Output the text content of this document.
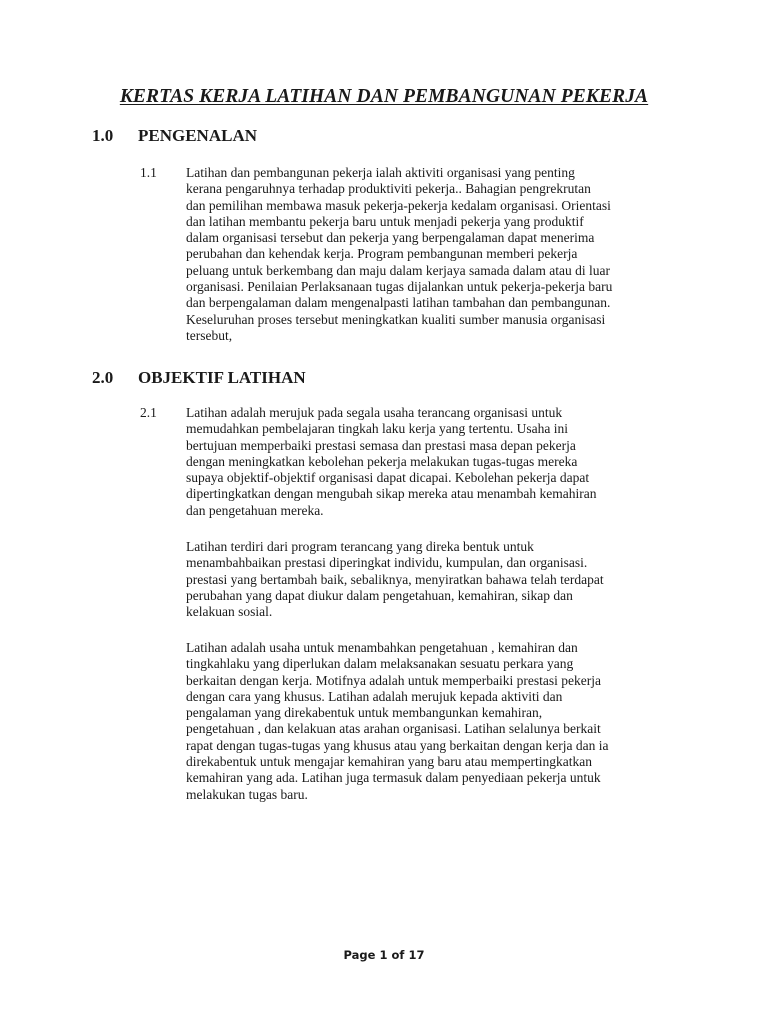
KERTAS KERJA LATIHAN DAN PEMBANGUNAN PEKERJA
1.0 PENGENALAN
1.1 Latihan dan pembangunan pekerja ialah aktiviti organisasi yang penting
kerana pengaruhnya terhadap produktiviti pekerja.. Bahagian pengrekrutan
dan pemilihan membawa masuk pekerja-pekerja kedalam organisasi. Orientasi
dan latihan membantu pekerja baru untuk menjadi pekerja yang produktif
dalam organisasi tersebut dan pekerja yang berpengalaman dapat menerima
perubahan dan kehendak kerja. Program pembangunan memberi pekerja
peluang untuk berkembang dan maju dalam kerjaya samada dalam atau di luar
organisasi. Penilaian Perlaksanaan tugas dijalankan untuk pekerja-pekerja baru
dan berpengalaman dalam mengenalpasti latihan tambahan dan pembangunan.
Keseluruhan proses tersebut meningkatkan kualiti sumber manusia organisasi
tersebut,

2.0 OBJEKTIF LATIHAN
2.1 Latihan adalah merujuk pada segala usaha terancang organisasi untuk
memudahkan pembelajaran tingkah laku kerja yang tertentu. Usaha ini
bertujuan memperbaiki prestasi semasa dan prestasi masa depan pekerja
dengan meningkatkan kebolehan pekerja melakukan tugas-tugas mereka
supaya objektif-objektif organisasi dapat dicapai. Kebolehan pekerja dapat
dipertingkatkan dengan mengubah sikap mereka atau menambah kemahiran
dan pengetahuan mereka.

Latihan terdiri dari program terancang yang direka bentuk untuk
menambahbaikan prestasi diperingkat individu, kumpulan, dan organisasi.
prestasi yang bertambah baik, sebaliknya, menyiratkan bahawa telah terdapat
perubahan yang dapat diukur dalam pengetahuan, kemahiran, sikap dan
kelakuan sosial.

Latihan adalah usaha untuk menambahkan pengetahuan , kemahiran dan
tingkahlaku yang diperlukan dalam melaksanakan sesuatu perkara yang
berkaitan dengan kerja. Motifnya adalah untuk memperbaiki prestasi pekerja
dengan cara yang khusus. Latihan adalah merujuk kepada aktiviti dan
pengalaman yang direkabentuk untuk membangunkan kemahiran,
pengetahuan , dan kelakuan atas arahan organisasi. Latihan selalunya berkait
rapat dengan tugas-tugas yang khusus atau yang berkaitan dengan kerja dan ia
direkabentuk untuk mengajar kemahiran yang baru atau mempertingkatkan
kemahiran yang ada. Latihan juga termasuk dalam penyediaan pekerja untuk
melakukan tugas baru.

Page 1 of 17
